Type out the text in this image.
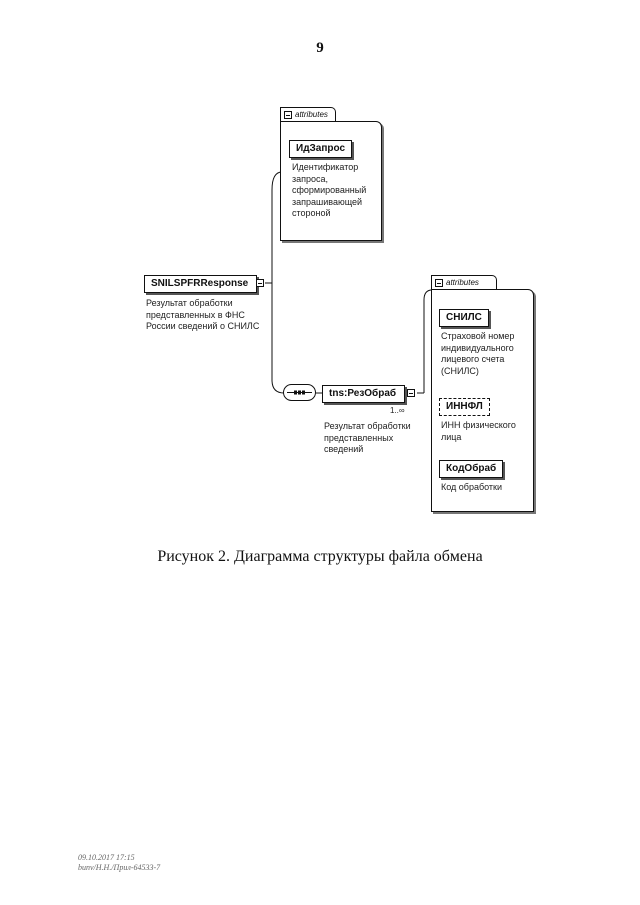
9
attributes
ИдЗапрос
Идентификатор запроса, сформированный запрашивающей стороной
SNILSPFRResponse
Результат обработки представленных в ФНС России сведений о СНИЛС
tns:РезОбраб
1..∞
Результат обработки представленных сведений
attributes
СНИЛС
Страховой номер индивидуального лицевого счета (СНИЛС)
ИННФЛ
ИНН физического лица
КодОбраб
Код обработки
Рисунок 2. Диаграмма структуры файла обмена
09.10.2017 17:15
bunv/Н.Н./Прил-64533-7
